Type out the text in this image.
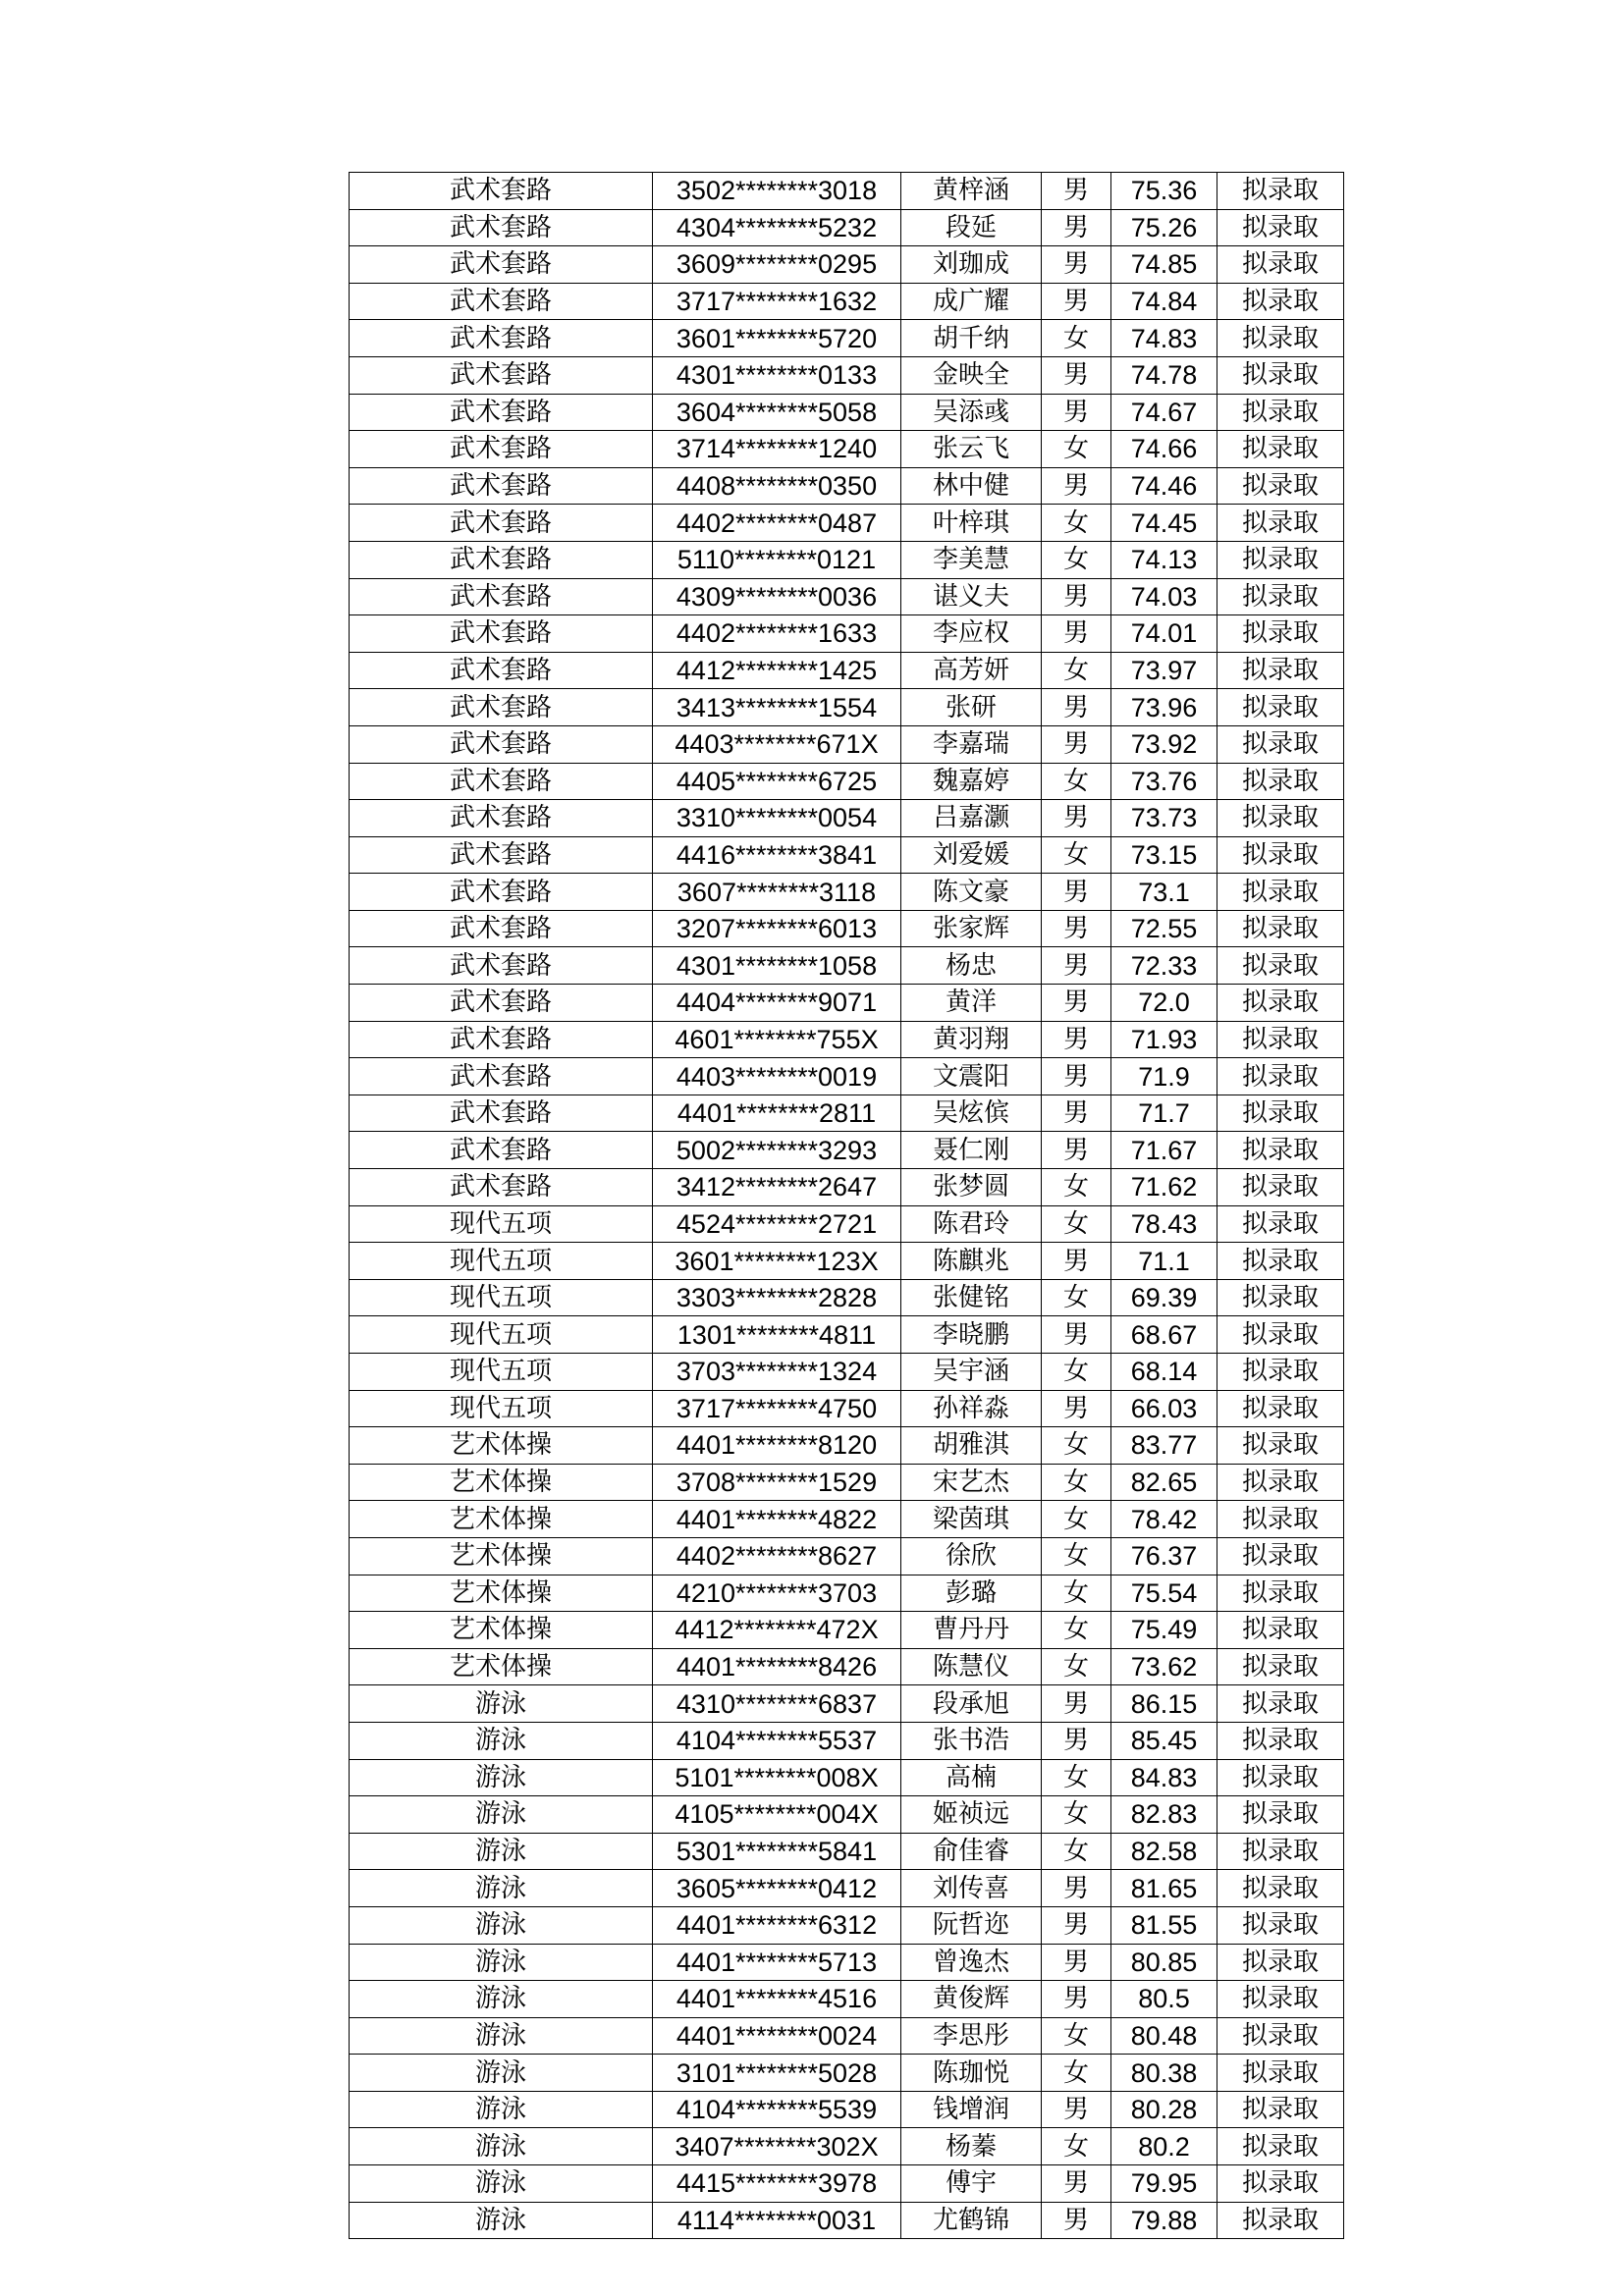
武术套路	3502********3018	黄梓涵	男	75.36	拟录取
武术套路	4304********5232	段延	男	75.26	拟录取
武术套路	3609********0295	刘珈成	男	74.85	拟录取
武术套路	3717********1632	成广耀	男	74.84	拟录取
武术套路	3601********5720	胡千纳	女	74.83	拟录取
武术套路	4301********0133	金映全	男	74.78	拟录取
武术套路	3604********5058	吴添彧	男	74.67	拟录取
武术套路	3714********1240	张云飞	女	74.66	拟录取
武术套路	4408********0350	林中健	男	74.46	拟录取
武术套路	4402********0487	叶梓琪	女	74.45	拟录取
武术套路	5110********0121	李美慧	女	74.13	拟录取
武术套路	4309********0036	谌义夫	男	74.03	拟录取
武术套路	4402********1633	李应权	男	74.01	拟录取
武术套路	4412********1425	高芳妍	女	73.97	拟录取
武术套路	3413********1554	张研	男	73.96	拟录取
武术套路	4403********671X	李嘉瑞	男	73.92	拟录取
武术套路	4405********6725	魏嘉婷	女	73.76	拟录取
武术套路	3310********0054	吕嘉灏	男	73.73	拟录取
武术套路	4416********3841	刘爱媛	女	73.15	拟录取
武术套路	3607********3118	陈文豪	男	73.1	拟录取
武术套路	3207********6013	张家辉	男	72.55	拟录取
武术套路	4301********1058	杨忠	男	72.33	拟录取
武术套路	4404********9071	黄洋	男	72.0	拟录取
武术套路	4601********755X	黄羽翔	男	71.93	拟录取
武术套路	4403********0019	文震阳	男	71.9	拟录取
武术套路	4401********2811	吴炫傧	男	71.7	拟录取
武术套路	5002********3293	聂仁刚	男	71.67	拟录取
武术套路	3412********2647	张梦圆	女	71.62	拟录取
现代五项	4524********2721	陈君玲	女	78.43	拟录取
现代五项	3601********123X	陈麒兆	男	71.1	拟录取
现代五项	3303********2828	张健铭	女	69.39	拟录取
现代五项	1301********4811	李晓鹏	男	68.67	拟录取
现代五项	3703********1324	吴宇涵	女	68.14	拟录取
现代五项	3717********4750	孙祥淼	男	66.03	拟录取
艺术体操	4401********8120	胡雅淇	女	83.77	拟录取
艺术体操	3708********1529	宋艺杰	女	82.65	拟录取
艺术体操	4401********4822	梁茵琪	女	78.42	拟录取
艺术体操	4402********8627	徐欣	女	76.37	拟录取
艺术体操	4210********3703	彭璐	女	75.54	拟录取
艺术体操	4412********472X	曹丹丹	女	75.49	拟录取
艺术体操	4401********8426	陈慧仪	女	73.62	拟录取
游泳	4310********6837	段承旭	男	86.15	拟录取
游泳	4104********5537	张书浩	男	85.45	拟录取
游泳	5101********008X	高楠	女	84.83	拟录取
游泳	4105********004X	姬祯远	女	82.83	拟录取
游泳	5301********5841	俞佳睿	女	82.58	拟录取
游泳	3605********0412	刘传喜	男	81.65	拟录取
游泳	4401********6312	阮哲迩	男	81.55	拟录取
游泳	4401********5713	曾逸杰	男	80.85	拟录取
游泳	4401********4516	黄俊辉	男	80.5	拟录取
游泳	4401********0024	李思彤	女	80.48	拟录取
游泳	3101********5028	陈珈悦	女	80.38	拟录取
游泳	4104********5539	钱增润	男	80.28	拟录取
游泳	3407********302X	杨蓁	女	80.2	拟录取
游泳	4415********3978	傅宇	男	79.95	拟录取
游泳	4114********0031	尤鹤锦	男	79.88	拟录取
